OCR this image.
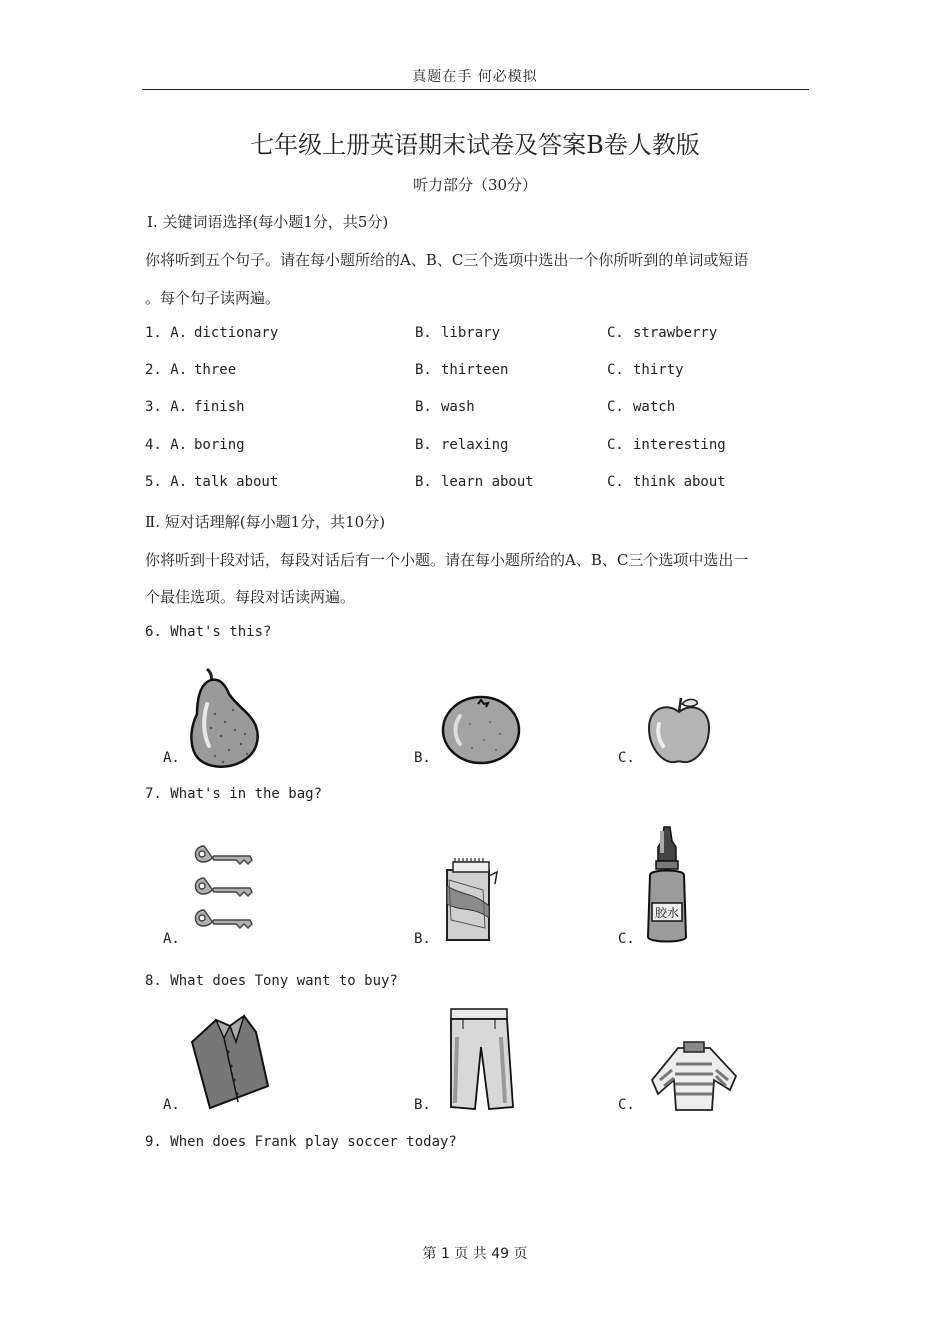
真题在手 何必模拟
七年级上册英语期末试卷及答案B卷人教版
听力部分（30分）
Ⅰ. 关键词语选择(每小题1分，共5分)
你将听到五个句子。请在每小题所给的A、B、C三个选项中选出一个你所听到的单词或短语
。每个句子读两遍。
1. A. dictionary	B. library	C. strawberry
2. A. three	B. thirteen	C. thirty
3. A. finish	B. wash	C. watch
4. A. boring	B. relaxing	C. interesting
5. A. talk about	B. learn about	C. think about
Ⅱ. 短对话理解(每小题1分，共10分)
你将听到十段对话，每段对话后有一个小题。请在每小题所给的A、B、C三个选项中选出一
个最佳选项。每段对话读两遍。
6. What's this?
A.	B.	C.
7. What's in the bag?
A.	B.	C.
胶水
8. What does Tony want to buy?
A.	B.	C.
9. When does Frank play soccer today?
第 1 页 共 49 页
